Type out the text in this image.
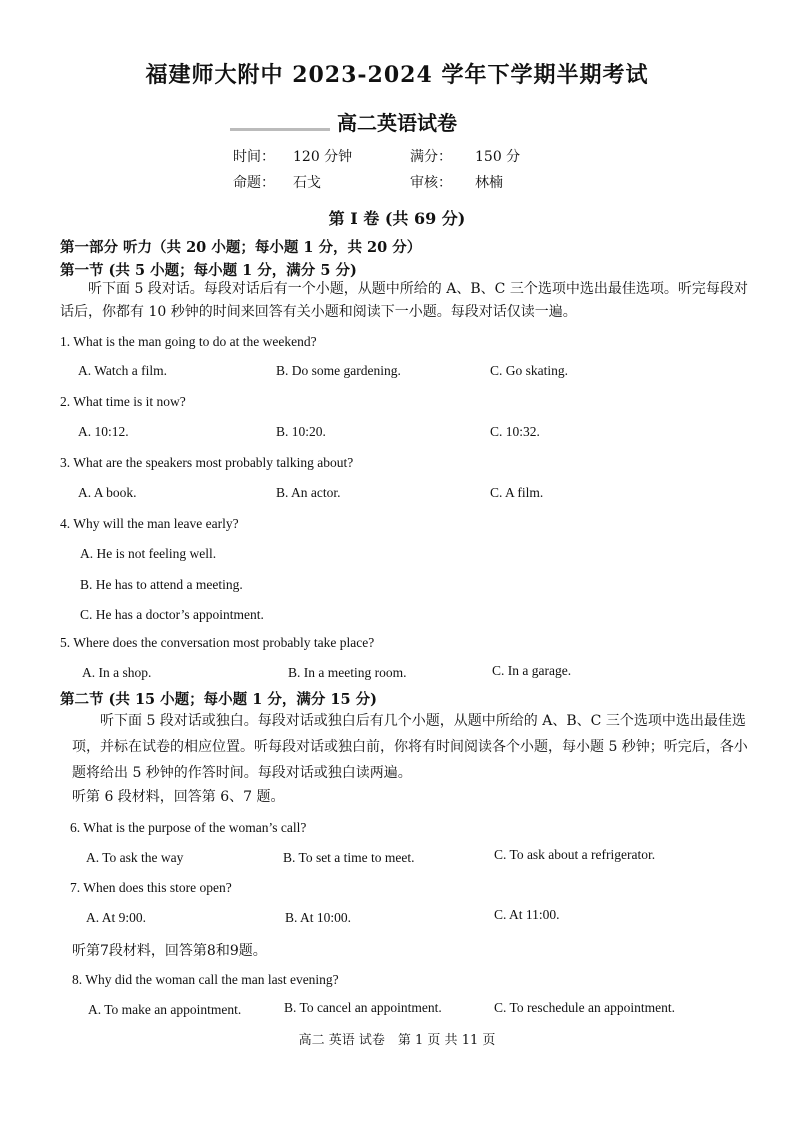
福建师大附中 2023-2024 学年下学期半期考试
高二英语试卷
时间： 120 分钟	满分： 150 分
命题： 石戈	审核： 林楠
第 I 卷 (共 69 分)
第一部分 听力（共 20 小题；每小题 1 分，共 20 分）
第一节 (共 5 小题；每小题 1 分，满分 5 分)
听下面 5 段对话。每段对话后有一个小题，从题中所给的 A、B、C 三个选项中选出最佳选项。听完每段对话后，你都有 10 秒钟的时间来回答有关小题和阅读下一小题。每段对话仅读一遍。
1. What is the man going to do at the weekend?
A. Watch a film.	B. Do some gardening.	C. Go skating.
2. What time is it now?
A. 10:12.	B. 10:20.	C. 10:32.
3. What are the speakers most probably talking about?
A. A book.	B. An actor.	C. A film.
4. Why will the man leave early?
A. He is not feeling well.
B. He has to attend a meeting.
C. He has a doctor’s appointment.
5. Where does the conversation most probably take place?
A. In a shop.	B. In a meeting room.	C. In a garage.
第二节 (共 15 小题；每小题 1 分，满分 15 分)
听下面 5 段对话或独白。每段对话或独白后有几个小题，从题中所给的 A、B、C 三个选项中选出最佳选项，并标在试卷的相应位置。听每段对话或独白前，你将有时间阅读各个小题，每小题 5 秒钟；听完后，各小题将给出 5 秒钟的作答时间。每段对话或独白读两遍。
听第 6 段材料，回答第 6、7 题。
6. What is the purpose of the woman’s call?
A. To ask the way	B. To set a time to meet.	C. To ask about a refrigerator.
7. When does this store open?
A. At 9:00.	B. At 10:00.	C. At 11:00.
听第7段材料，回答第8和9题。
8. Why did the woman call the man last evening?
A. To make an appointment.	B. To cancel an appointment.	C. To reschedule an appointment.
高二 英语 试卷　第 1 页 共 11 页
